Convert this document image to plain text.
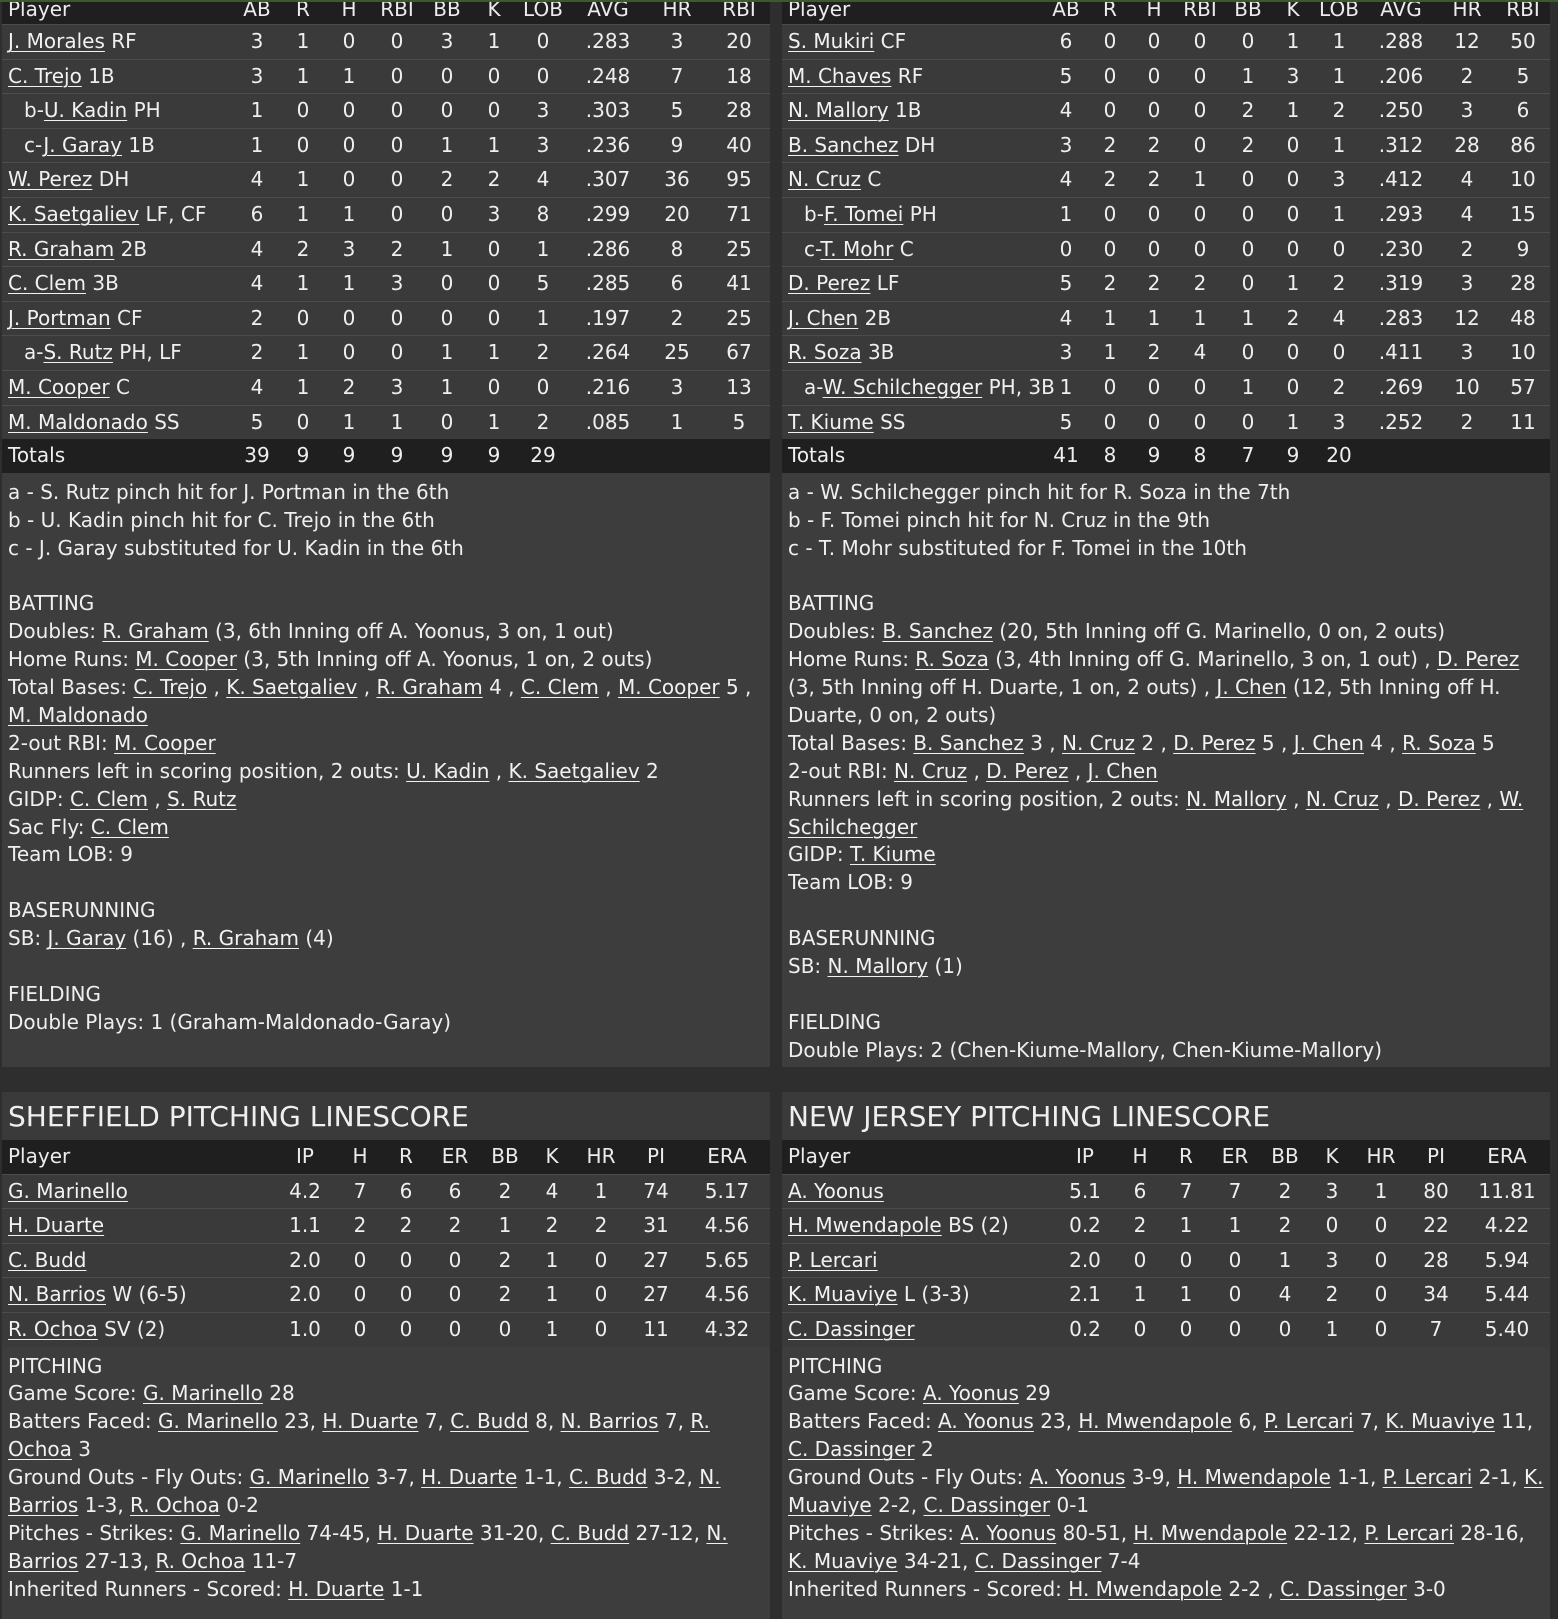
Player	AB	R	H	RBI	BB	K	LOB	AVG	HR	RBI
J. Morales RF	3	1	0	0	3	1	0	.283	3	20
C. Trejo 1B	3	1	1	0	0	0	0	.248	7	18
b-U. Kadin PH	1	0	0	0	0	0	3	.303	5	28
c-J. Garay 1B	1	0	0	0	1	1	3	.236	9	40
W. Perez DH	4	1	0	0	2	2	4	.307	36	95
K. Saetgaliev LF, CF	6	1	1	0	0	3	8	.299	20	71
R. Graham 2B	4	2	3	2	1	0	1	.286	8	25
C. Clem 3B	4	1	1	3	0	0	5	.285	6	41
J. Portman CF	2	0	0	0	0	0	1	.197	2	25
a-S. Rutz PH, LF	2	1	0	0	1	1	2	.264	25	67
M. Cooper C	4	1	2	3	1	0	0	.216	3	13
M. Maldonado SS	5	0	1	1	0	1	2	.085	1	5
Totals	39	9	9	9	9	9	29			
a - S. Rutz pinch hit for J. Portman in the 6th
b - U. Kadin pinch hit for C. Trejo in the 6th
c - J. Garay substituted for U. Kadin in the 6th
BATTING
Doubles: R. Graham (3, 6th Inning off A. Yoonus, 3 on, 1 out)
Home Runs: M. Cooper (3, 5th Inning off A. Yoonus, 1 on, 2 outs)
Total Bases: C. Trejo , K. Saetgaliev , R. Graham 4 , C. Clem , M. Cooper 5 , M. Maldonado
2-out RBI: M. Cooper
Runners left in scoring position, 2 outs: U. Kadin , K. Saetgaliev 2
GIDP: C. Clem , S. Rutz
Sac Fly: C. Clem
Team LOB: 9
BASERUNNING
SB: J. Garay (16) , R. Graham (4)
FIELDING
Double Plays: 1 (Graham-Maldonado-Garay)
Player	AB	R	H	RBI	BB	K	LOB	AVG	HR	RBI
S. Mukiri CF	6	0	0	0	0	1	1	.288	12	50
M. Chaves RF	5	0	0	0	1	3	1	.206	2	5
N. Mallory 1B	4	0	0	0	2	1	2	.250	3	6
B. Sanchez DH	3	2	2	0	2	0	1	.312	28	86
N. Cruz C	4	2	2	1	0	0	3	.412	4	10
b-F. Tomei PH	1	0	0	0	0	0	1	.293	4	15
c-T. Mohr C	0	0	0	0	0	0	0	.230	2	9
D. Perez LF	5	2	2	2	0	1	2	.319	3	28
J. Chen 2B	4	1	1	1	1	2	4	.283	12	48
R. Soza 3B	3	1	2	4	0	0	0	.411	3	10
a-W. Schilchegger PH, 3B	1	0	0	0	1	0	2	.269	10	57
T. Kiume SS	5	0	0	0	0	1	3	.252	2	11
Totals	41	8	9	8	7	9	20			
a - W. Schilchegger pinch hit for R. Soza in the 7th
b - F. Tomei pinch hit for N. Cruz in the 9th
c - T. Mohr substituted for F. Tomei in the 10th
BATTING
Doubles: B. Sanchez (20, 5th Inning off G. Marinello, 0 on, 2 outs)
Home Runs: R. Soza (3, 4th Inning off G. Marinello, 3 on, 1 out) , D. Perez (3, 5th Inning off H. Duarte, 1 on, 2 outs) , J. Chen (12, 5th Inning off H. Duarte, 0 on, 2 outs)
Total Bases: B. Sanchez 3 , N. Cruz 2 , D. Perez 5 , J. Chen 4 , R. Soza 5
2-out RBI: N. Cruz , D. Perez , J. Chen
Runners left in scoring position, 2 outs: N. Mallory , N. Cruz , D. Perez , W. Schilchegger
GIDP: T. Kiume
Team LOB: 9
BASERUNNING
SB: N. Mallory (1)
FIELDING
Double Plays: 2 (Chen-Kiume-Mallory, Chen-Kiume-Mallory)
SHEFFIELD PITCHING LINESCORE
Player	IP	H	R	ER	BB	K	HR	PI	ERA
G. Marinello	4.2	7	6	6	2	4	1	74	5.17
H. Duarte	1.1	2	2	2	1	2	2	31	4.56
C. Budd	2.0	0	0	0	2	1	0	27	5.65
N. Barrios W (6-5)	2.0	0	0	0	2	1	0	27	4.56
R. Ochoa SV (2)	1.0	0	0	0	0	1	0	11	4.32
PITCHING
Game Score: G. Marinello 28
Batters Faced: G. Marinello 23, H. Duarte 7, C. Budd 8, N. Barrios 7, R. Ochoa 3
Ground Outs - Fly Outs: G. Marinello 3-7, H. Duarte 1-1, C. Budd 3-2, N. Barrios 1-3, R. Ochoa 0-2
Pitches - Strikes: G. Marinello 74-45, H. Duarte 31-20, C. Budd 27-12, N. Barrios 27-13, R. Ochoa 11-7
Inherited Runners - Scored: H. Duarte 1-1
NEW JERSEY PITCHING LINESCORE
Player	IP	H	R	ER	BB	K	HR	PI	ERA
A. Yoonus	5.1	6	7	7	2	3	1	80	11.81
H. Mwendapole BS (2)	0.2	2	1	1	2	0	0	22	4.22
P. Lercari	2.0	0	0	0	1	3	0	28	5.94
K. Muaviye L (3-3)	2.1	1	1	0	4	2	0	34	5.44
C. Dassinger	0.2	0	0	0	0	1	0	7	5.40
PITCHING
Game Score: A. Yoonus 29
Batters Faced: A. Yoonus 23, H. Mwendapole 6, P. Lercari 7, K. Muaviye 11, C. Dassinger 2
Ground Outs - Fly Outs: A. Yoonus 3-9, H. Mwendapole 1-1, P. Lercari 2-1, K. Muaviye 2-2, C. Dassinger 0-1
Pitches - Strikes: A. Yoonus 80-51, H. Mwendapole 22-12, P. Lercari 28-16, K. Muaviye 34-21, C. Dassinger 7-4
Inherited Runners - Scored: H. Mwendapole 2-2 , C. Dassinger 3-0
